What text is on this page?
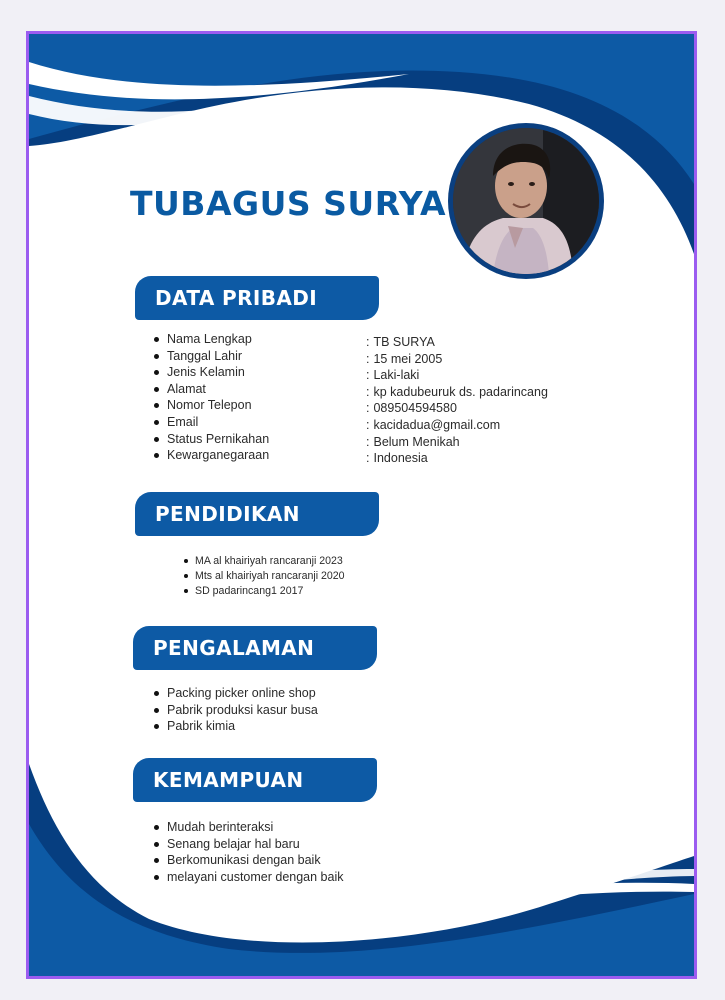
TUBAGUS SURYA
DATA PRIBADI
Nama Lengkap
Tanggal Lahir
Jenis Kelamin
Alamat
Nomor Telepon
Email
Status Pernikahan
Kewarganegaraan
: TB SURYA
: 15 mei 2005
: Laki-laki
: kp kadubeuruk ds. padarincang
: 089504594580
: kacidadua@gmail.com
: Belum Menikah
: Indonesia
PENDIDIKAN
MA al khairiyah rancaranji 2023
Mts al khairiyah rancaranji 2020
SD padarincang1 2017
PENGALAMAN
Packing picker online shop
Pabrik produksi kasur busa
Pabrik kimia
KEMAMPUAN
Mudah berinteraksi
Senang belajar hal baru
Berkomunikasi dengan baik
melayani customer dengan baik
